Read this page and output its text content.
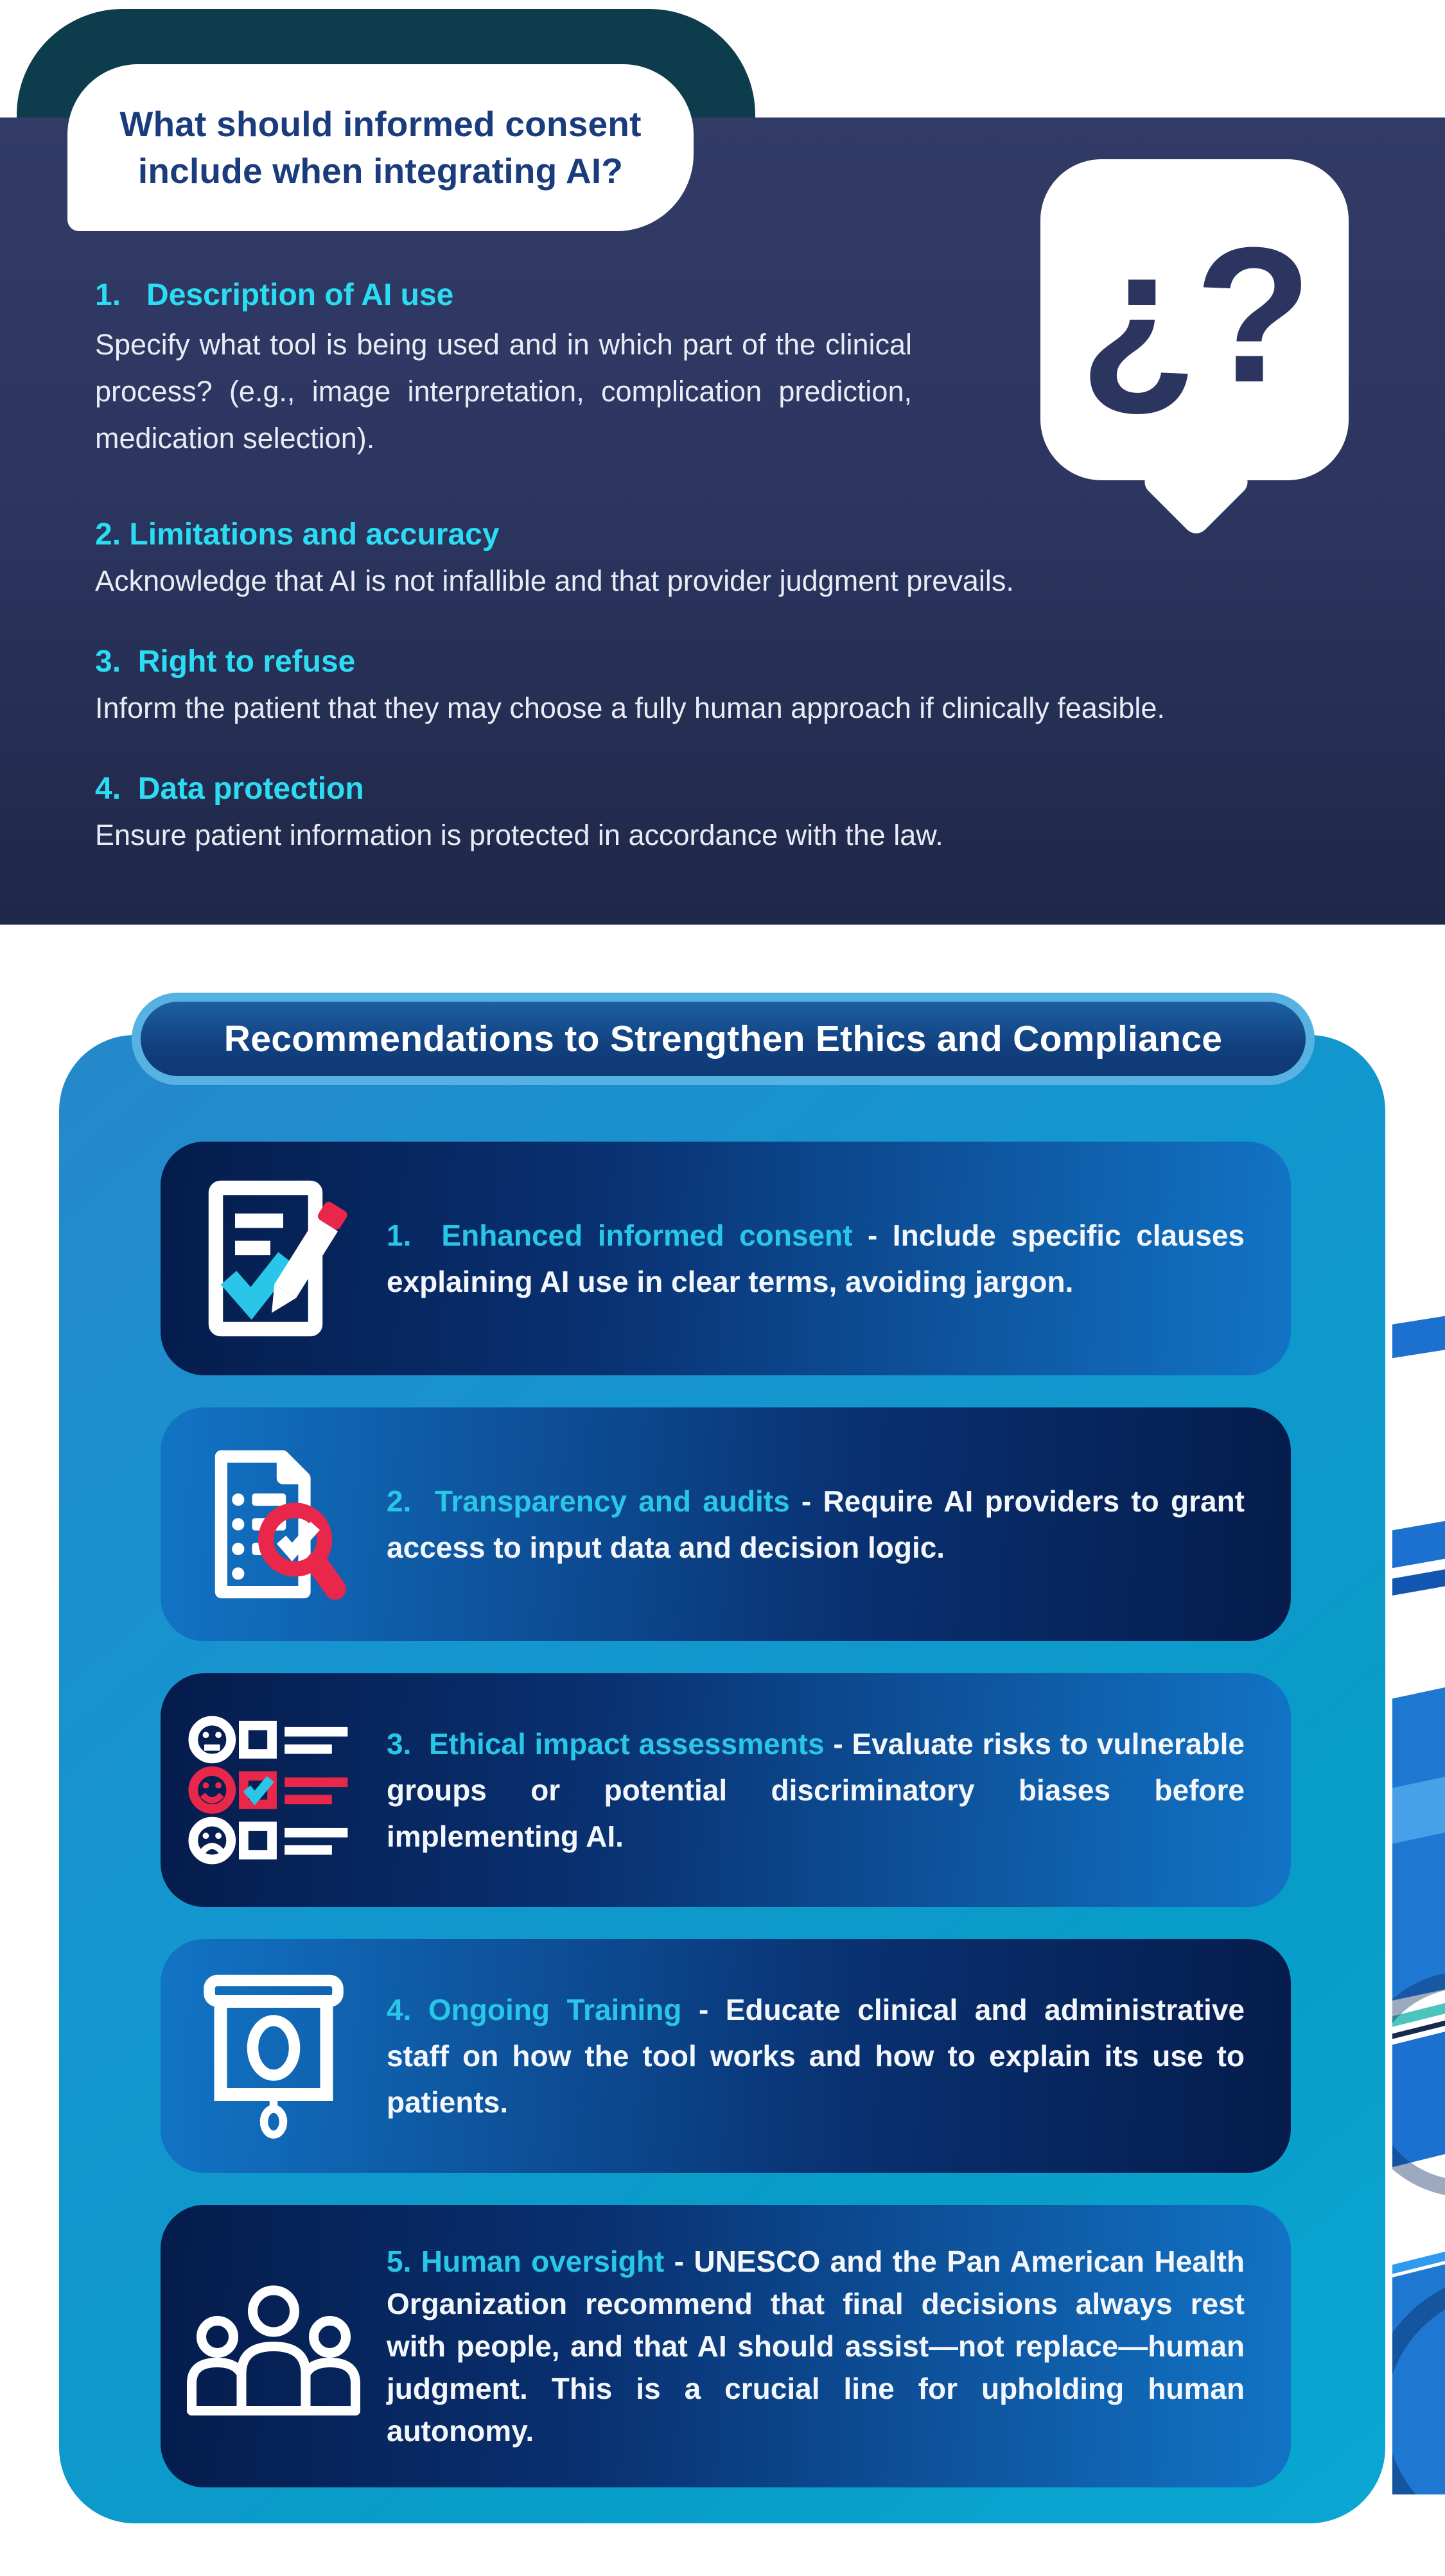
What should informed consent
include when integrating AI?
¿?

1.   Description of AI use

Specify what tool is being used and in which part of the clinical process? (e.g., image interpretation, complication prediction, medication selection).

2. Limitations and accuracy

Acknowledge that AI is not infallible and that provider judgment prevails.

3.  Right to refuse

Inform the patient that they may choose a fully human approach if clinically feasible.

4.  Data protection

Ensure patient information is protected in accordance with the law.

Recommendations to Strengthen Ethics and Compliance

1.  Enhanced informed consent - Include specific clauses explaining AI use in clear terms, avoiding jargon.

2.  Transparency and audits - Require AI providers to grant access to input data and decision logic.

3.  Ethical impact assessments - Evaluate risks to vulnerable groups or potential discriminatory biases before implementing AI.

4. Ongoing Training - Educate clinical and administrative staff on how the tool works and how to explain its use to patients.

5. Human oversight - UNESCO and the Pan American Health Organization recommend that final decisions always rest with people, and that AI should assist—not replace—human judgment. This is a crucial line for upholding human autonomy.
